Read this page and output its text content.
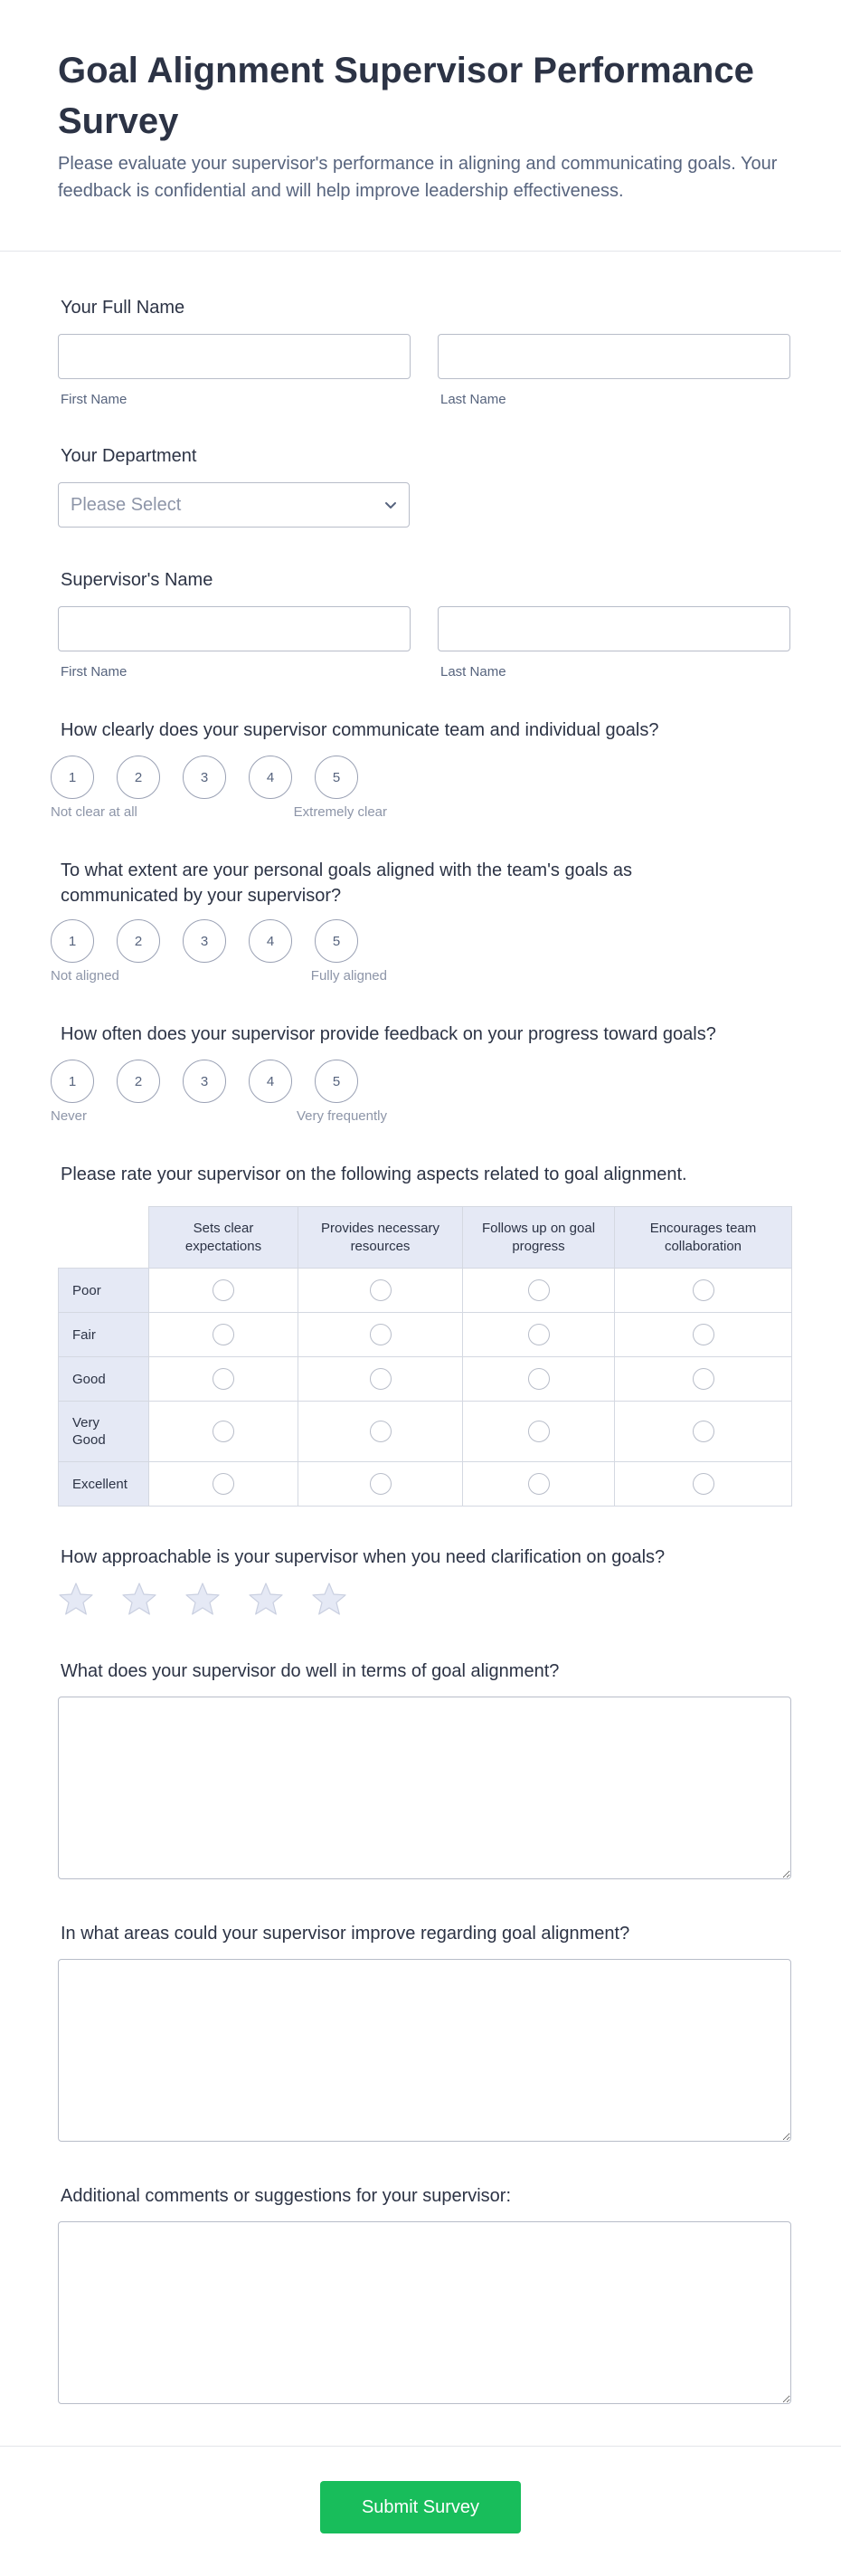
Goal Alignment Supervisor Performance Survey

Please evaluate your supervisor's performance in aligning and communicating goals. Your feedback is confidential and will help improve leadership effectiveness.

Your Full Name
First Name	Last Name
Your Department
Please Select
Supervisor's Name
First Name	Last Name
How clearly does your supervisor communicate team and individual goals?
1	2	3	4	5
Not clear at all	Extremely clear
To what extent are your personal goals aligned with the team's goals as communicated by your supervisor?
1	2	3	4	5
Not aligned	Fully aligned
How often does your supervisor provide feedback on your progress toward goals?
1	2	3	4	5
Never	Very frequently
Please rate your supervisor on the following aspects related to goal alignment.
	Sets clear expectations	Provides necessary resources	Follows up on goal progress	Encourages team collaboration
Poor				
Fair				
Good				
Very Good				
Excellent				
How approachable is your supervisor when you need clarification on goals?
What does your supervisor do well in terms of goal alignment?
In what areas could your supervisor improve regarding goal alignment?
Additional comments or suggestions for your supervisor:
Submit Survey
